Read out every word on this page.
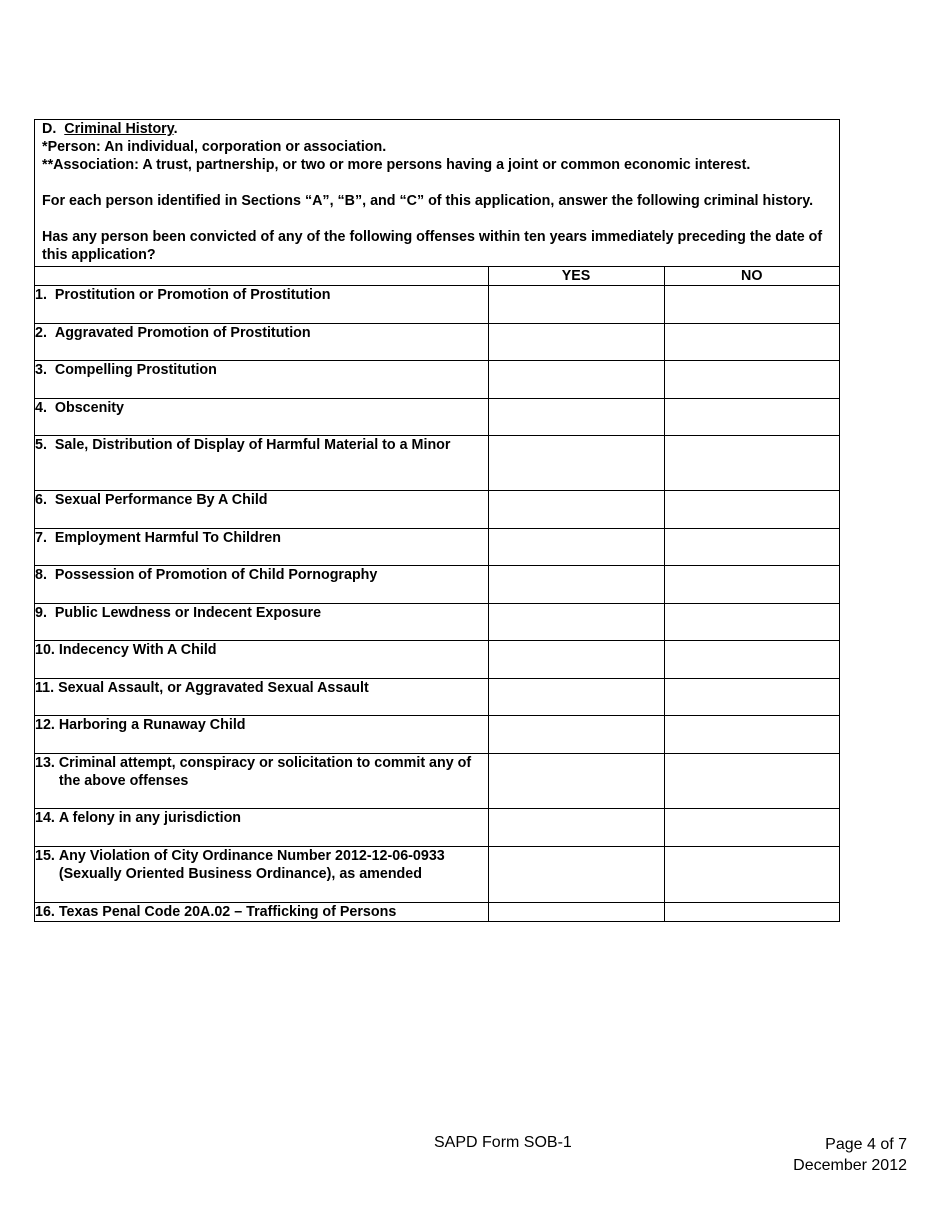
D. Criminal History.

*Person: An individual, corporation or association.

**Association: A trust, partnership, or two or more persons having a joint or common economic interest.

For each person identified in Sections “A”, “B”, and “C” of this application, answer the following criminal history.

Has any person been convicted of any of the following offenses within ten years immediately preceding the date of this application?

	YES	NO

1. Prostitution or Promotion of Prostitution		

2. Aggravated Promotion of Prostitution		

3. Compelling Prostitution		

4. Obscenity		

5. Sale, Distribution of Display of Harmful Material to a Minor		

6. Sexual Performance By A Child		

7. Employment Harmful To Children		

8. Possession of Promotion of Child Pornography		

9. Public Lewdness or Indecent Exposure		

10. Indecency With A Child		

11. Sexual Assault, or Aggravated Sexual Assault		

12. Harboring a Runaway Child		

13. Criminal attempt, conspiracy or solicitation to commit any of the above offenses		

14. A felony in any jurisdiction		

15. Any Violation of City Ordinance Number 2012-12-06-0933 (Sexually Oriented Business Ordinance), as amended		

16. Texas Penal Code 20A.02 – Trafficking of Persons		

SAPD Form SOB-1	Page 4 of 7
December 2012
